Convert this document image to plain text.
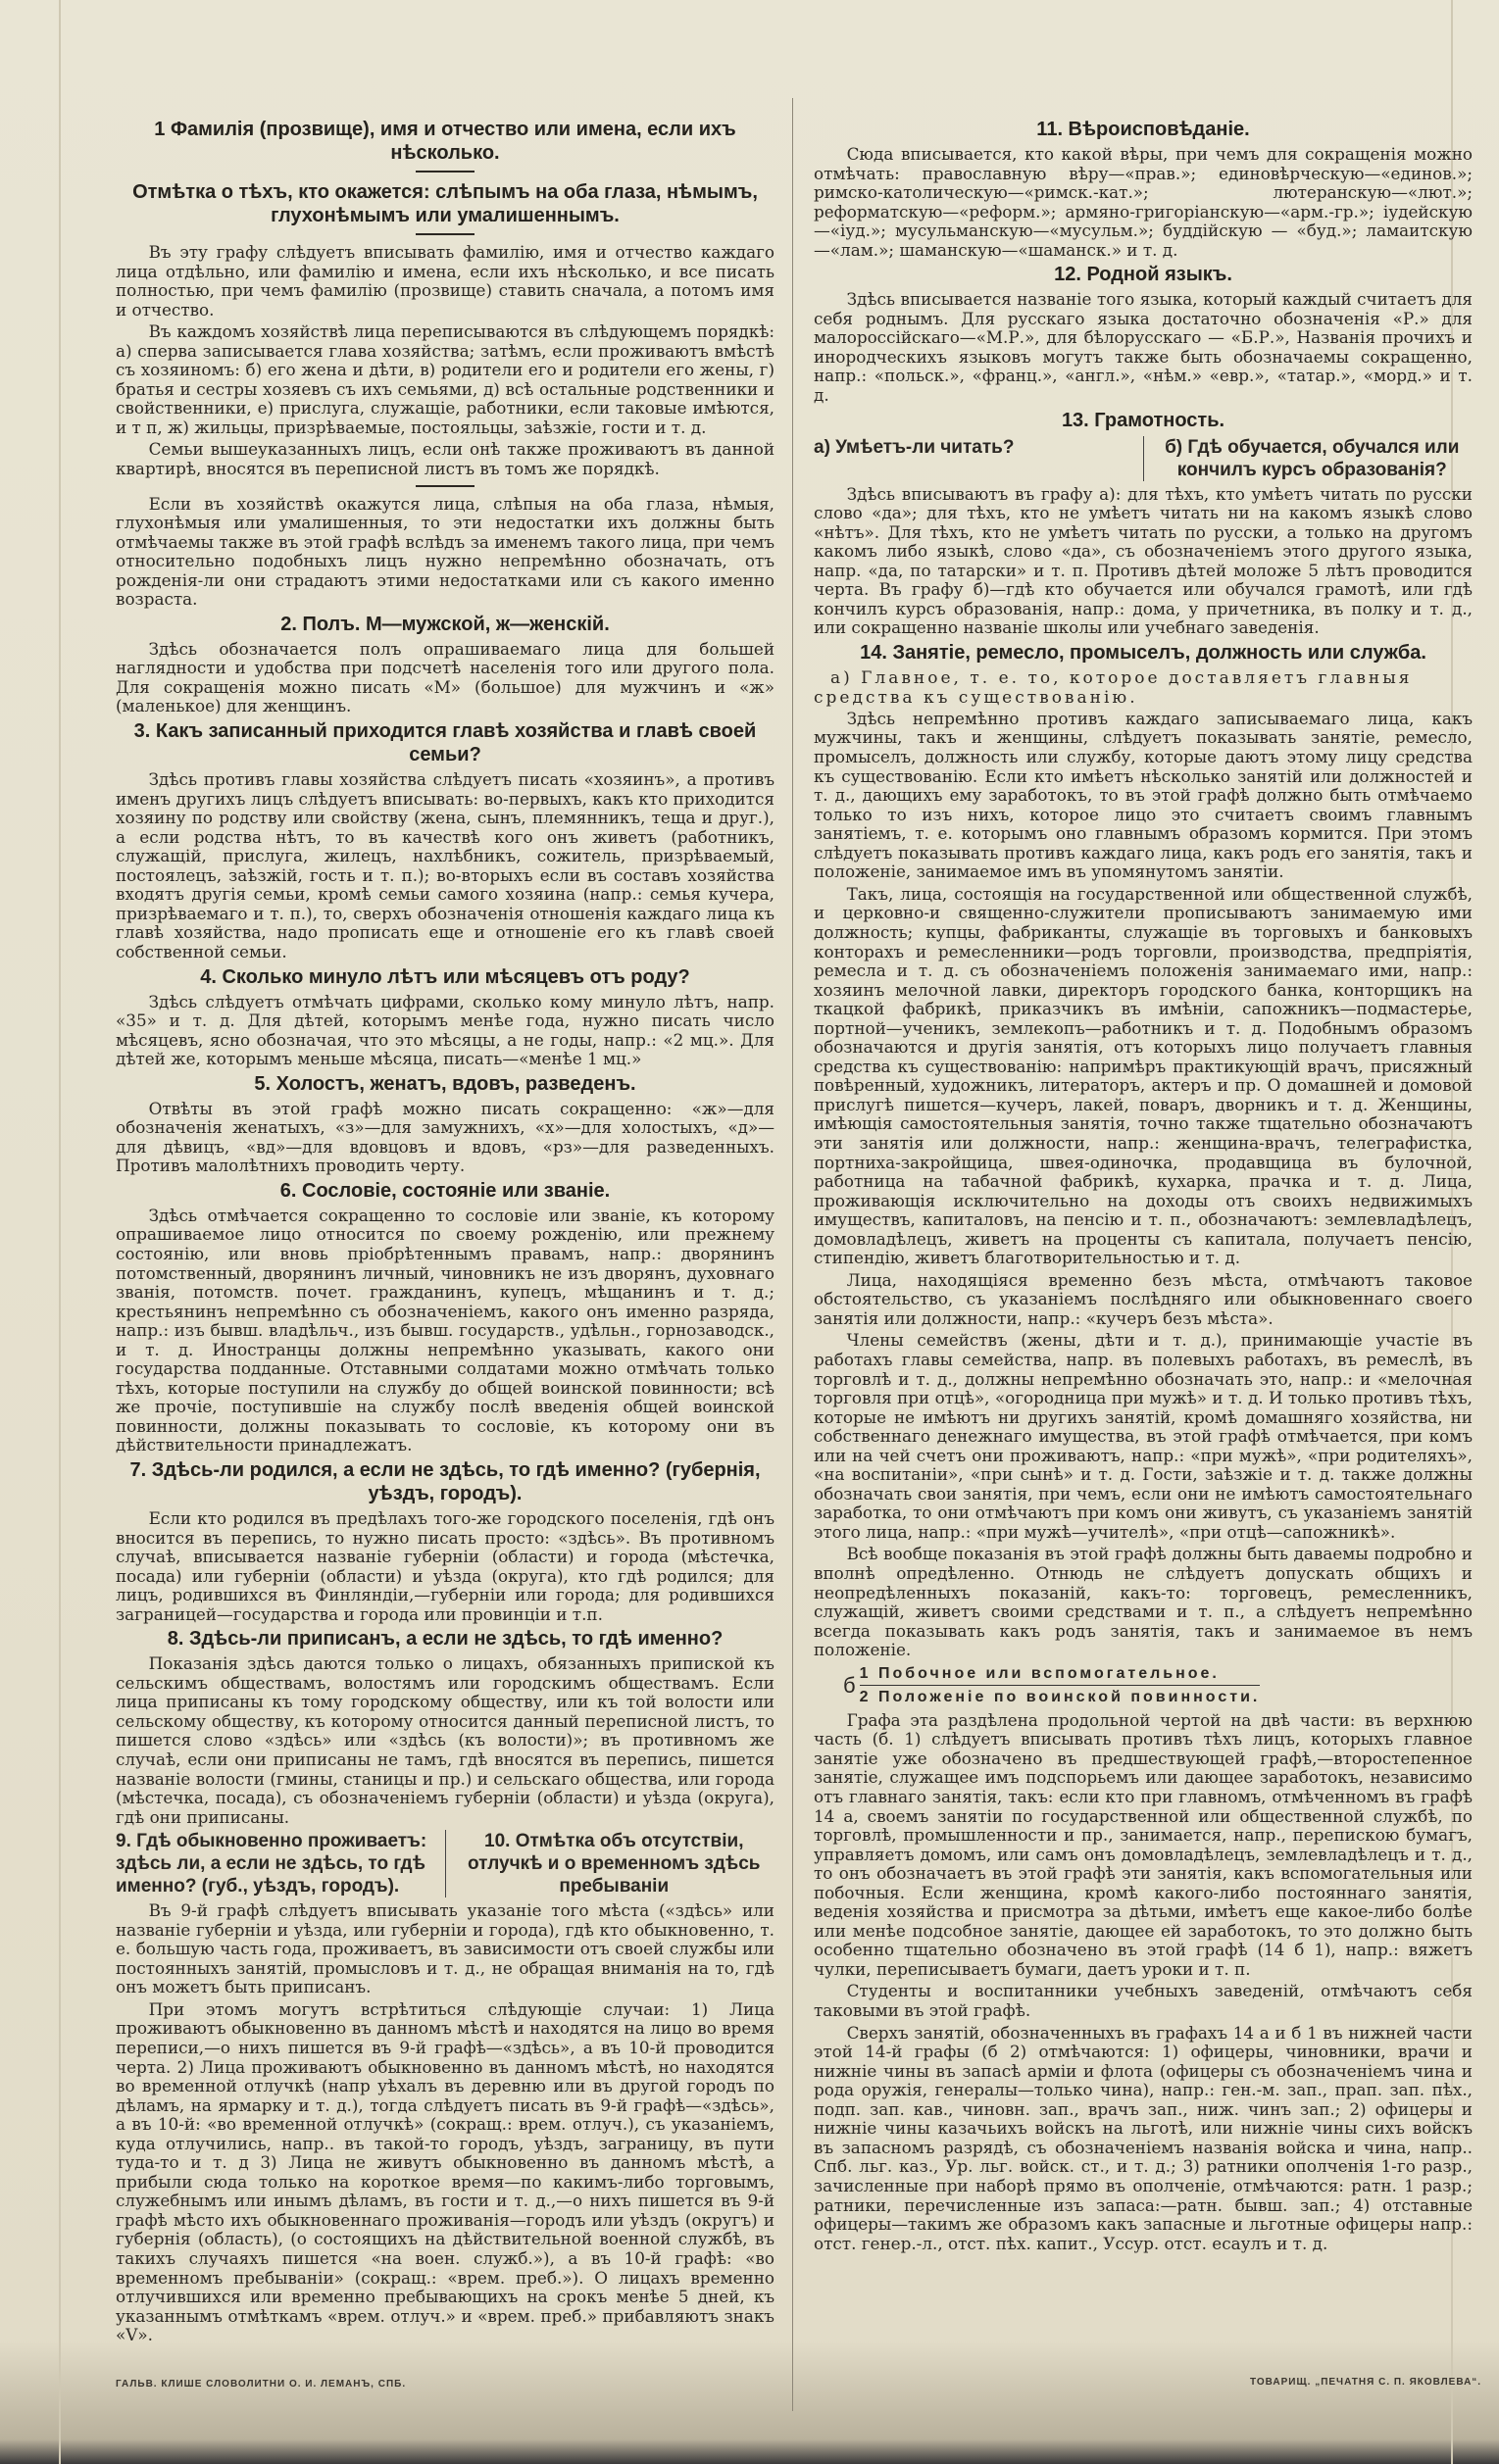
1 Фамилія (прозвище), имя и отчество или имена, если ихъ нѣсколько.
Отмѣтка о тѣхъ, кто окажется: слѣпымъ на оба глаза, нѣмымъ, глухонѣмымъ или умалишеннымъ.

Въ эту графу слѣдуетъ вписывать фамилію, имя и отчество каждаго лица отдѣльно, или фамилію и имена, если ихъ нѣсколько, и все писать полностью, при чемъ фамилію (прозвище) ставить сначала, а потомъ имя и отчество.

Въ каждомъ хозяйствѣ лица переписываются въ слѣдующемъ порядкѣ: а) сперва записывается глава хозяйства; затѣмъ, если проживаютъ вмѣстѣ съ хозяиномъ: б) его жена и дѣти, в) родители его и родители его жены, г) братья и сестры хозяевъ съ ихъ семьями, д) всѣ остальные родственники и свойственники, е) прислуга, служащіе, работники, если таковые имѣются, и т п, ж) жильцы, призрѣваемые, постояльцы, заѣзжіе, гости и т. д.

Семьи вышеуказанныхъ лицъ, если онѣ также проживаютъ въ данной квартирѣ, вносятся въ переписной листъ въ томъ же порядкѣ.

Если въ хозяйствѣ окажутся лица, слѣпыя на оба глаза, нѣмыя, глухонѣмыя или умалишенныя, то эти недостатки ихъ должны быть отмѣчаемы также въ этой графѣ вслѣдъ за именемъ такого лица, при чемъ относительно подобныхъ лицъ нужно непремѣнно обозначать, отъ рожденія-ли они страдаютъ этими недостатками или съ какого именно возраста.

2. Полъ. М—мужской, ж—женскій.

Здѣсь обозначается полъ опрашиваемаго лица для большей наглядности и удобства при подсчетѣ населенія того или другого пола. Для сокращенія можно писать «М» (большое) для мужчинъ и «ж» (маленькое) для женщинъ.

3. Какъ записанный приходится главѣ хозяйства и главѣ своей семьи?

Здѣсь противъ главы хозяйства слѣдуетъ писать «хозяинъ», а противъ именъ другихъ лицъ слѣдуетъ вписывать: во-первыхъ, какъ кто приходится хозяину по родству или свойству (жена, сынъ, племянникъ, теща и друг.), а если родства нѣтъ, то въ качествѣ кого онъ живетъ (работникъ, служащій, прислуга, жилецъ, нахлѣбникъ, сожитель, призрѣваемый, постоялецъ, заѣзжій, гость и т. п.); во-вторыхъ если въ составъ хозяйства входятъ другія семьи, кромѣ семьи самого хозяина (напр.: семья кучера, призрѣваемаго и т. п.), то, сверхъ обозначенія отношенія каждаго лица къ главѣ хозяйства, надо прописать еще и отношеніе его къ главѣ своей собственной семьи.

4. Сколько минуло лѣтъ или мѣсяцевъ отъ роду?

Здѣсь слѣдуетъ отмѣчать цифрами, сколько кому минуло лѣтъ, напр. «35» и т. д. Для дѣтей, которымъ менѣе года, нужно писать число мѣсяцевъ, ясно обозначая, что это мѣсяцы, а не годы, напр.: «2 мц.». Для дѣтей же, которымъ меньше мѣсяца, писать—«менѣе 1 мц.»

5. Холостъ, женатъ, вдовъ, разведенъ.

Отвѣты въ этой графѣ можно писать сокращенно: «ж»—для обозначенія женатыхъ, «з»—для замужнихъ, «х»—для холостыхъ, «д»—для дѣвицъ, «вд»—для вдовцовъ и вдовъ, «рз»—для разведенныхъ. Противъ малолѣтнихъ проводить черту.

6. Сословіе, состояніе или званіе.

Здѣсь отмѣчается сокращенно то сословіе или званіе, къ которому опрашиваемое лицо относится по своему рожденію, или прежнему состоянію, или вновь пріобрѣтеннымъ правамъ, напр.: дворянинъ потомственный, дворянинъ личный, чиновникъ не изъ дворянъ, духовнаго званія, потомств. почет. гражданинъ, купецъ, мѣщанинъ и т. д.; крестьянинъ непремѣнно съ обозначеніемъ, какого онъ именно разряда, напр.: изъ бывш. владѣльч., изъ бывш. государств., удѣльн., горнозаводск., и т. д. Иностранцы должны непремѣнно указывать, какого они государства подданные. Отставными солдатами можно отмѣчать только тѣхъ, которые поступили на службу до общей воинской повинности; всѣ же прочіе, поступившіе на службу послѣ введенія общей воинской повинности, должны показывать то сословіе, къ которому они въ дѣйствительности принадлежатъ.

7. Здѣсь-ли родился, а если не здѣсь, то гдѣ именно? (губернія, уѣздъ, городъ).

Если кто родился въ предѣлахъ того-же городского поселенія, гдѣ онъ вносится въ перепись, то нужно писать просто: «здѣсь». Въ противномъ случаѣ, вписывается названіе губерніи (области) и города (мѣстечка, посада) или губерніи (области) и уѣзда (округа), кто гдѣ родился; для лицъ, родившихся въ Финляндіи,—губерніи или города; для родившихся заграницей—государства и города или провинціи и т.п.

8. Здѣсь-ли приписанъ, а если не здѣсь, то гдѣ именно?

Показанія здѣсь даются только о лицахъ, обязанныхъ припиской къ сельскимъ обществамъ, волостямъ или городскимъ обществамъ. Если лица приписаны къ тому городскому обществу, или къ той волости или сельскому обществу, къ которому относится данный переписной листъ, то пишется слово «здѣсь» или «здѣсь (къ волости)»; въ противномъ же случаѣ, если они приписаны не тамъ, гдѣ вносятся въ перепись, пишется названіе волости (гмины, станицы и пр.) и сельскаго общества, или города (мѣстечка, посада), съ обозначеніемъ губерніи (области) и уѣзда (округа), гдѣ они приписаны.

9. Гдѣ обыкновенно проживаетъ: здѣсь ли, а если не здѣсь, то гдѣ именно? (губ., уѣздъ, городъ).
10. Отмѣтка объ отсутствіи, отлучкѣ и о временномъ здѣсь пребываніи

Въ 9-й графѣ слѣдуетъ вписывать указаніе того мѣста («здѣсь» или названіе губерніи и уѣзда, или губерніи и города), гдѣ кто обыкновенно, т. е. большую часть года, проживаетъ, въ зависимости отъ своей службы или постоянныхъ занятій, промысловъ и т. д., не обращая вниманія на то, гдѣ онъ можетъ быть приписанъ.

При этомъ могутъ встрѣтиться слѣдующіе случаи: 1) Лица проживаютъ обыкновенно въ данномъ мѣстѣ и находятся на лицо во время переписи,—о нихъ пишется въ 9-й графѣ—«здѣсь», а въ 10-й проводится черта. 2) Лица проживаютъ обыкновенно въ данномъ мѣстѣ, но находятся во временной отлучкѣ (напр уѣхалъ въ деревню или въ другой городъ по дѣламъ, на ярмарку и т. д.), тогда слѣдуетъ писать въ 9-й графѣ—«здѣсь», а въ 10-й: «во временной отлучкѣ» (сокращ.: врем. отлуч.), съ указаніемъ, куда отлучились, напр.. въ такой-то городъ, уѣздъ, заграницу, въ пути туда-то и т. д 3) Лица не живутъ обыкновенно въ данномъ мѣстѣ, а прибыли сюда только на короткое время—по какимъ-либо торговымъ, служебнымъ или инымъ дѣламъ, въ гости и т. д.,—о нихъ пишется въ 9-й графѣ мѣсто ихъ обыкновеннаго проживанія—городъ или уѣздъ (округъ) и губернія (область), (о состоящихъ на дѣйствительной военной службѣ, въ такихъ случаяхъ пишется «на воен. служб.»), а въ 10-й графѣ: «во временномъ пребываніи» (сокращ.: «врем. преб.»). О лицахъ временно отлучившихся или временно пребывающихъ на срокъ менѣе 5 дней, къ указаннымъ отмѣткамъ «врем. отлуч.» и «врем. преб.» прибавляютъ знакъ «V».

11. Вѣроисповѣданіе.

Сюда вписывается, кто какой вѣры, при чемъ для сокращенія можно отмѣчать: православную вѣру—«прав.»; единовѣрческую—«единов.»; римско-католическую—«римск.-кат.»; лютеранскую—«лют.»; реформатскую—«реформ.»; армяно-григоріанскую—«арм.-гр.»; іудейскую—«іуд.»; мусульманскую—«мусульм.»; буддійскую — «буд.»; ламаитскую—«лам.»; шаманскую—«шаманск.» и т. д.

12. Родной языкъ.

Здѣсь вписывается названіе того языка, который каждый считаетъ для себя роднымъ. Для русскаго языка достаточно обозначенія «Р.» для малороссійскаго—«М.Р.», для бѣлорусскаго — «Б.Р.», Названія прочихъ и инородческихъ языковъ могутъ также быть обозначаемы сокращенно, напр.: «польск.», «франц.», «англ.», «нѣм.» «евр.», «татар.», «морд.» и т. д.

13. Грамотность.
а) Умѣетъ-ли читать?	б) Гдѣ обучается, обучался или кончилъ курсъ образованія?

Здѣсь вписываютъ въ графу а): для тѣхъ, кто умѣетъ читать по русски слово «да»; для тѣхъ, кто не умѣетъ читать ни на какомъ языкѣ слово «нѣтъ». Для тѣхъ, кто не умѣетъ читать по русски, а только на другомъ какомъ либо языкѣ, слово «да», съ обозначеніемъ этого другого языка, напр. «да, по татарски» и т. п. Противъ дѣтей моложе 5 лѣтъ проводится черта. Въ графу б)—гдѣ кто обучается или обучался грамотѣ, или гдѣ кончилъ курсъ образованія, напр.: дома, у причетника, въ полку и т. д., или сокращенно названіе школы или учебнаго заведенія.

14. Занятіе, ремесло, промыселъ, должность или служба.
а) Главное, т. е. то, которое доставляетъ главныя средства къ существованію.

Здѣсь непремѣнно противъ каждаго записываемаго лица, какъ мужчины, такъ и женщины, слѣдуетъ показывать занятіе, ремесло, промыселъ, должность или службу, которые даютъ этому лицу средства къ существованію. Если кто имѣетъ нѣсколько занятій или должностей и т. д., дающихъ ему заработокъ, то въ этой графѣ должно быть отмѣчаемо только то изъ нихъ, которое лицо это считаетъ своимъ главнымъ занятіемъ, т. е. которымъ оно главнымъ образомъ кормится. При этомъ слѣдуетъ показывать противъ каждаго лица, какъ родъ его занятія, такъ и положеніе, занимаемое имъ въ упомянутомъ занятіи.

Такъ, лица, состоящія на государственной или общественной службѣ, и церковно-и священно-служители прописываютъ занимаемую ими должность; купцы, фабриканты, служащіе въ торговыхъ и банковыхъ конторахъ и ремесленники—родъ торговли, производства, предпріятія, ремесла и т. д. съ обозначеніемъ положенія занимаемаго ими, напр.: хозяинъ мелочной лавки, директоръ городского банка, конторщикъ на ткацкой фабрикѣ, приказчикъ въ имѣніи, сапожникъ—подмастерье, портной—ученикъ, землекопъ—работникъ и т. д. Подобнымъ образомъ обозначаются и другія занятія, отъ которыхъ лицо получаетъ главныя средства къ существованію: напримѣръ практикующій врачъ, присяжный повѣренный, художникъ, литераторъ, актеръ и пр. О домашней и домовой прислугѣ пишется—кучеръ, лакей, поваръ, дворникъ и т. д. Женщины, имѣющія самостоятельныя занятія, точно также тщательно обозначаютъ эти занятія или должности, напр.: женщина-врачъ, телеграфистка, портниха-закройщица, швея-одиночка, продавщица въ булочной, работница на табачной фабрикѣ, кухарка, прачка и т. д. Лица, проживающія исключительно на доходы отъ своихъ недвижимыхъ имуществъ, капиталовъ, на пенсію и т. п., обозначаютъ: землевладѣлецъ, домовладѣлецъ, живетъ на проценты съ капитала, получаетъ пенсію, стипендію, живетъ благотворительностью и т. д.

Лица, находящіяся временно безъ мѣста, отмѣчаютъ таковое обстоятельство, съ указаніемъ послѣдняго или обыкновеннаго своего занятія или должности, напр.: «кучеръ безъ мѣста».

Члены семействъ (жены, дѣти и т. д.), принимающіе участіе въ работахъ главы семейства, напр. въ полевыхъ работахъ, въ ремеслѣ, въ торговлѣ и т. д., должны непремѣнно обозначать это, напр.: и «мелочная торговля при отцѣ», «огородница при мужѣ» и т. д. И только противъ тѣхъ, которые не имѣютъ ни другихъ занятій, кромѣ домашняго хозяйства, ни собственнаго денежнаго имущества, въ этой графѣ отмѣчается, при комъ или на чей счетъ они проживаютъ, напр.: «при мужѣ», «при родителяхъ», «на воспитаніи», «при сынѣ» и т. д. Гости, заѣзжіе и т. д. также должны обозначать свои занятія, при чемъ, если они не имѣютъ самостоятельнаго заработка, то они отмѣчаютъ при комъ они живутъ, съ указаніемъ занятій этого лица, напр.: «при мужѣ—учителѣ», «при отцѣ—сапожникѣ».

Всѣ вообще показанія въ этой графѣ должны быть даваемы подробно и вполнѣ опредѣленно. Отнюдь не слѣдуетъ допускать общихъ и неопредѣленныхъ показаній, какъ-то: торговецъ, ремесленникъ, служащій, живетъ своими средствами и т. п., а слѣдуетъ непремѣнно всегда показывать какъ родъ занятія, такъ и занимаемое въ немъ положеніе.

б 1 Побочное или вспомогательное.
2 Положеніе по воинской повинности.

Графа эта раздѣлена продольной чертой на двѣ части: въ верхнюю часть (б. 1) слѣдуетъ вписывать противъ тѣхъ лицъ, которыхъ главное занятіе уже обозначено въ предшествующей графѣ,—второстепенное занятіе, служащее имъ подспорьемъ или дающее заработокъ, независимо отъ главнаго занятія, такъ: если кто при главномъ, отмѣченномъ въ графѣ 14 а, своемъ занятіи по государственной или общественной службѣ, по торговлѣ, промышленности и пр., занимается, напр., перепискою бумагъ, управляетъ домомъ, или самъ онъ домовладѣлецъ, землевладѣлецъ и т. д., то онъ обозначаетъ въ этой графѣ эти занятія, какъ вспомогательныя или побочныя. Если женщина, кромѣ какого-либо постояннаго занятія, веденія хозяйства и присмотра за дѣтьми, имѣетъ еще какое-либо болѣе или менѣе подсобное занятіе, дающее ей заработокъ, то это должно быть особенно тщательно обозначено въ этой графѣ (14 б 1), напр.: вяжетъ чулки, переписываетъ бумаги, даетъ уроки и т. п.

Студенты и воспитанники учебныхъ заведеній, отмѣчаютъ себя таковыми въ этой графѣ.

Сверхъ занятій, обозначенныхъ въ графахъ 14 а и б 1 въ нижней части этой 14-й графы (б 2) отмѣчаются: 1) офицеры, чиновники, врачи и нижніе чины въ запасѣ арміи и флота (офицеры съ обозначеніемъ чина и рода оружія, генералы—только чина), напр.: ген.-м. зап., прап. зап. пѣх., подп. зап. кав., чиновн. зап., врачъ зап., ниж. чинъ зап.; 2) офицеры и нижніе чины казачьихъ войскъ на льготѣ, или нижніе чины сихъ войскъ въ запасномъ разрядѣ, съ обозначеніемъ названія войска и чина, напр.. Спб. льг. каз., Ур. льг. войск. ст., и т. д.; 3) ратники ополченія 1-го разр., зачисленные при наборѣ прямо въ ополченіе, отмѣчаются: ратн. 1 разр.; ратники, перечисленные изъ запаса:—ратн. бывш. зап.; 4) отставные офицеры—такимъ же образомъ какъ запасные и льготные офицеры напр.: отст. генер.-л., отст. пѣх. капит., Уссур. отст. есаулъ и т. д.

ГАЛЬВ. КЛИШЕ СЛОВОЛИТНИ О. И. ЛЕМАНЪ, СПБ.	ТОВАРИЩ. „ПЕЧАТНЯ С. П. ЯКОВЛЕВА“.
